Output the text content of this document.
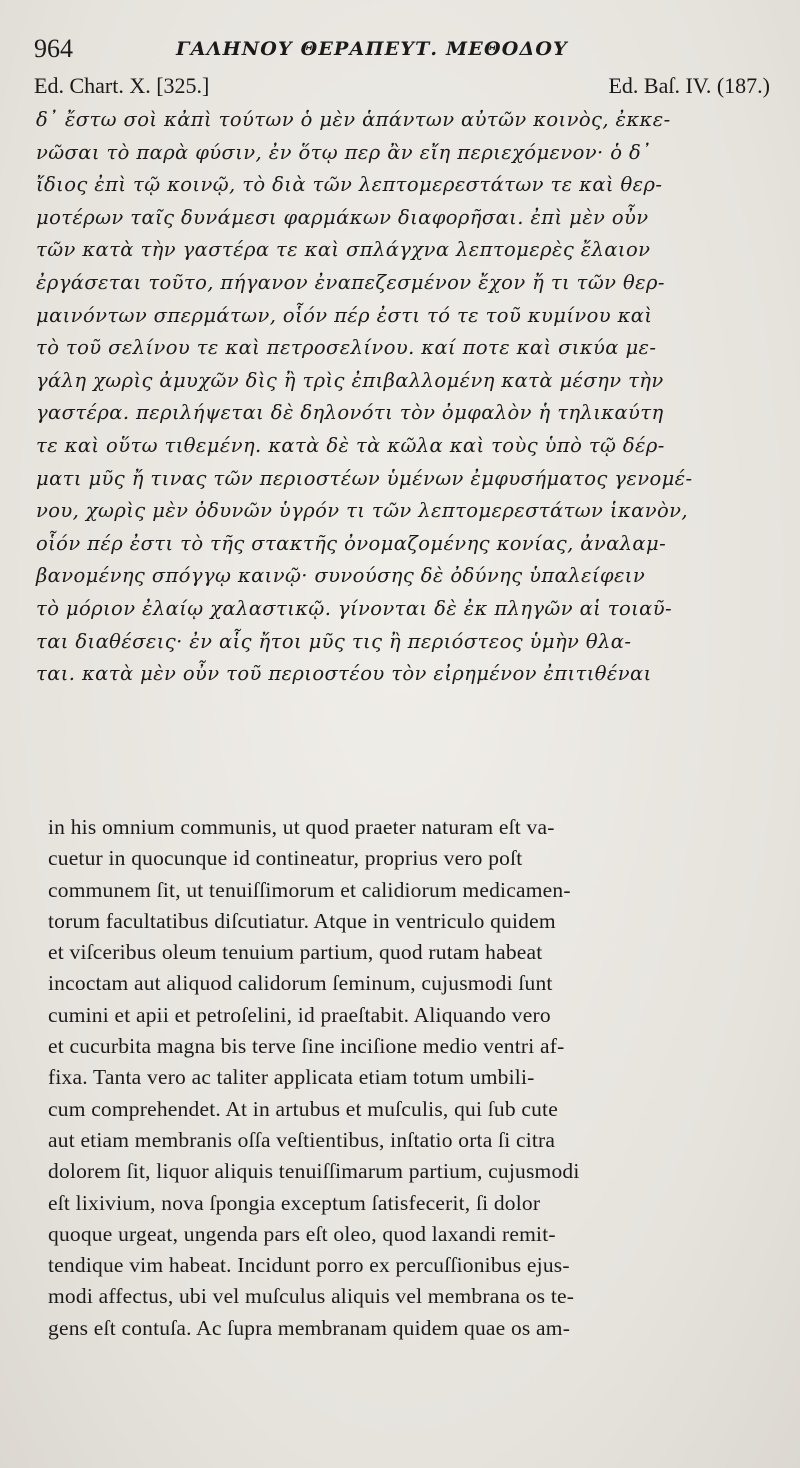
964	ΓΑΛΗΝΟΥ ΘΕΡΑΠΕΥΤ. ΜΕΘΟΔΟΥ
Ed. Chart. X. [325.]	Ed. Baſ. IV. (187.)
δ᾽ ἔστω σοὶ κἀπὶ τούτων ὁ μὲν ἁπάντων αὐτῶν κοινὸς, ἐκκε-
νῶσαι τὸ παρὰ φύσιν, ἐν ὅτῳ περ ἂν εἴη περιεχόμενον· ὁ δ᾽
ἴδιος ἐπὶ τῷ κοινῷ, τὸ διὰ τῶν λεπτομερεστάτων τε καὶ θερ-
μοτέρων ταῖς δυνάμεσι φαρμάκων διαφορῆσαι. ἐπὶ μὲν οὖν
τῶν κατὰ τὴν γαστέρα τε καὶ σπλάγχνα λεπτομερὲς ἔλαιον
ἐργάσεται τοῦτο, πήγανον ἐναπεζεσμένον ἔχον ἤ τι τῶν θερ-
μαινόντων σπερμάτων, οἷόν πέρ ἐστι τό τε τοῦ κυμίνου καὶ
τὸ τοῦ σελίνου τε καὶ πετροσελίνου. καί ποτε καὶ σικύα με-
γάλη χωρὶς ἀμυχῶν δὶς ἢ τρὶς ἐπιβαλλομένη κατὰ μέσην τὴν
γαστέρα. περιλήψεται δὲ δηλονότι τὸν ὀμφαλὸν ἡ τηλικαύτη
τε καὶ οὕτω τιθεμένη. κατὰ δὲ τὰ κῶλα καὶ τοὺς ὑπὸ τῷ δέρ-
ματι μῦς ἤ τινας τῶν περιοστέων ὑμένων ἐμφυσήματος γενομέ-
νου, χωρὶς μὲν ὀδυνῶν ὑγρόν τι τῶν λεπτομερεστάτων ἱκανὸν,
οἷόν πέρ ἐστι τὸ τῆς στακτῆς ὀνομαζομένης κονίας, ἀναλαμ-
βανομένης σπόγγῳ καινῷ· συνούσης δὲ ὀδύνης ὑπαλείφειν
τὸ μόριον ἐλαίῳ χαλαστικῷ. γίνονται δὲ ἐκ πληγῶν αἱ τοιαῦ-
ται διαθέσεις· ἐν αἷς ἤτοι μῦς τις ἢ περιόστεος ὑμὴν θλα-
ται. κατὰ μὲν οὖν τοῦ περιοστέου τὸν εἰρημένον ἐπιτιθέναι
in his omnium communis, ut quod praeter naturam eſt va-
cuetur in quocunque id contineatur, proprius vero poſt
communem ſit, ut tenuiſſimorum et calidiorum medicamen-
torum facultatibus diſcutiatur. Atque in ventriculo quidem
et viſceribus oleum tenuium partium, quod rutam habeat
incoctam aut aliquod calidorum ſeminum, cujusmodi ſunt
cumini et apii et petroſelini, id praeſtabit. Aliquando vero
et cucurbita magna bis terve ſine inciſione medio ventri af-
fixa. Tanta vero ac taliter applicata etiam totum umbili-
cum comprehendet. At in artubus et muſculis, qui ſub cute
aut etiam membranis oſſa veſtientibus, inſtatio orta ſi citra
dolorem ſit, liquor aliquis tenuiſſimarum partium, cujusmodi
eſt lixivium, nova ſpongia exceptum ſatisfecerit, ſi dolor
quoque urgeat, ungenda pars eſt oleo, quod laxandi remit-
tendique vim habeat. Incidunt porro ex percuſſionibus ejus-
modi affectus, ubi vel muſculus aliquis vel membrana os te-
gens eſt contuſa. Ac ſupra membranam quidem quae os am-
